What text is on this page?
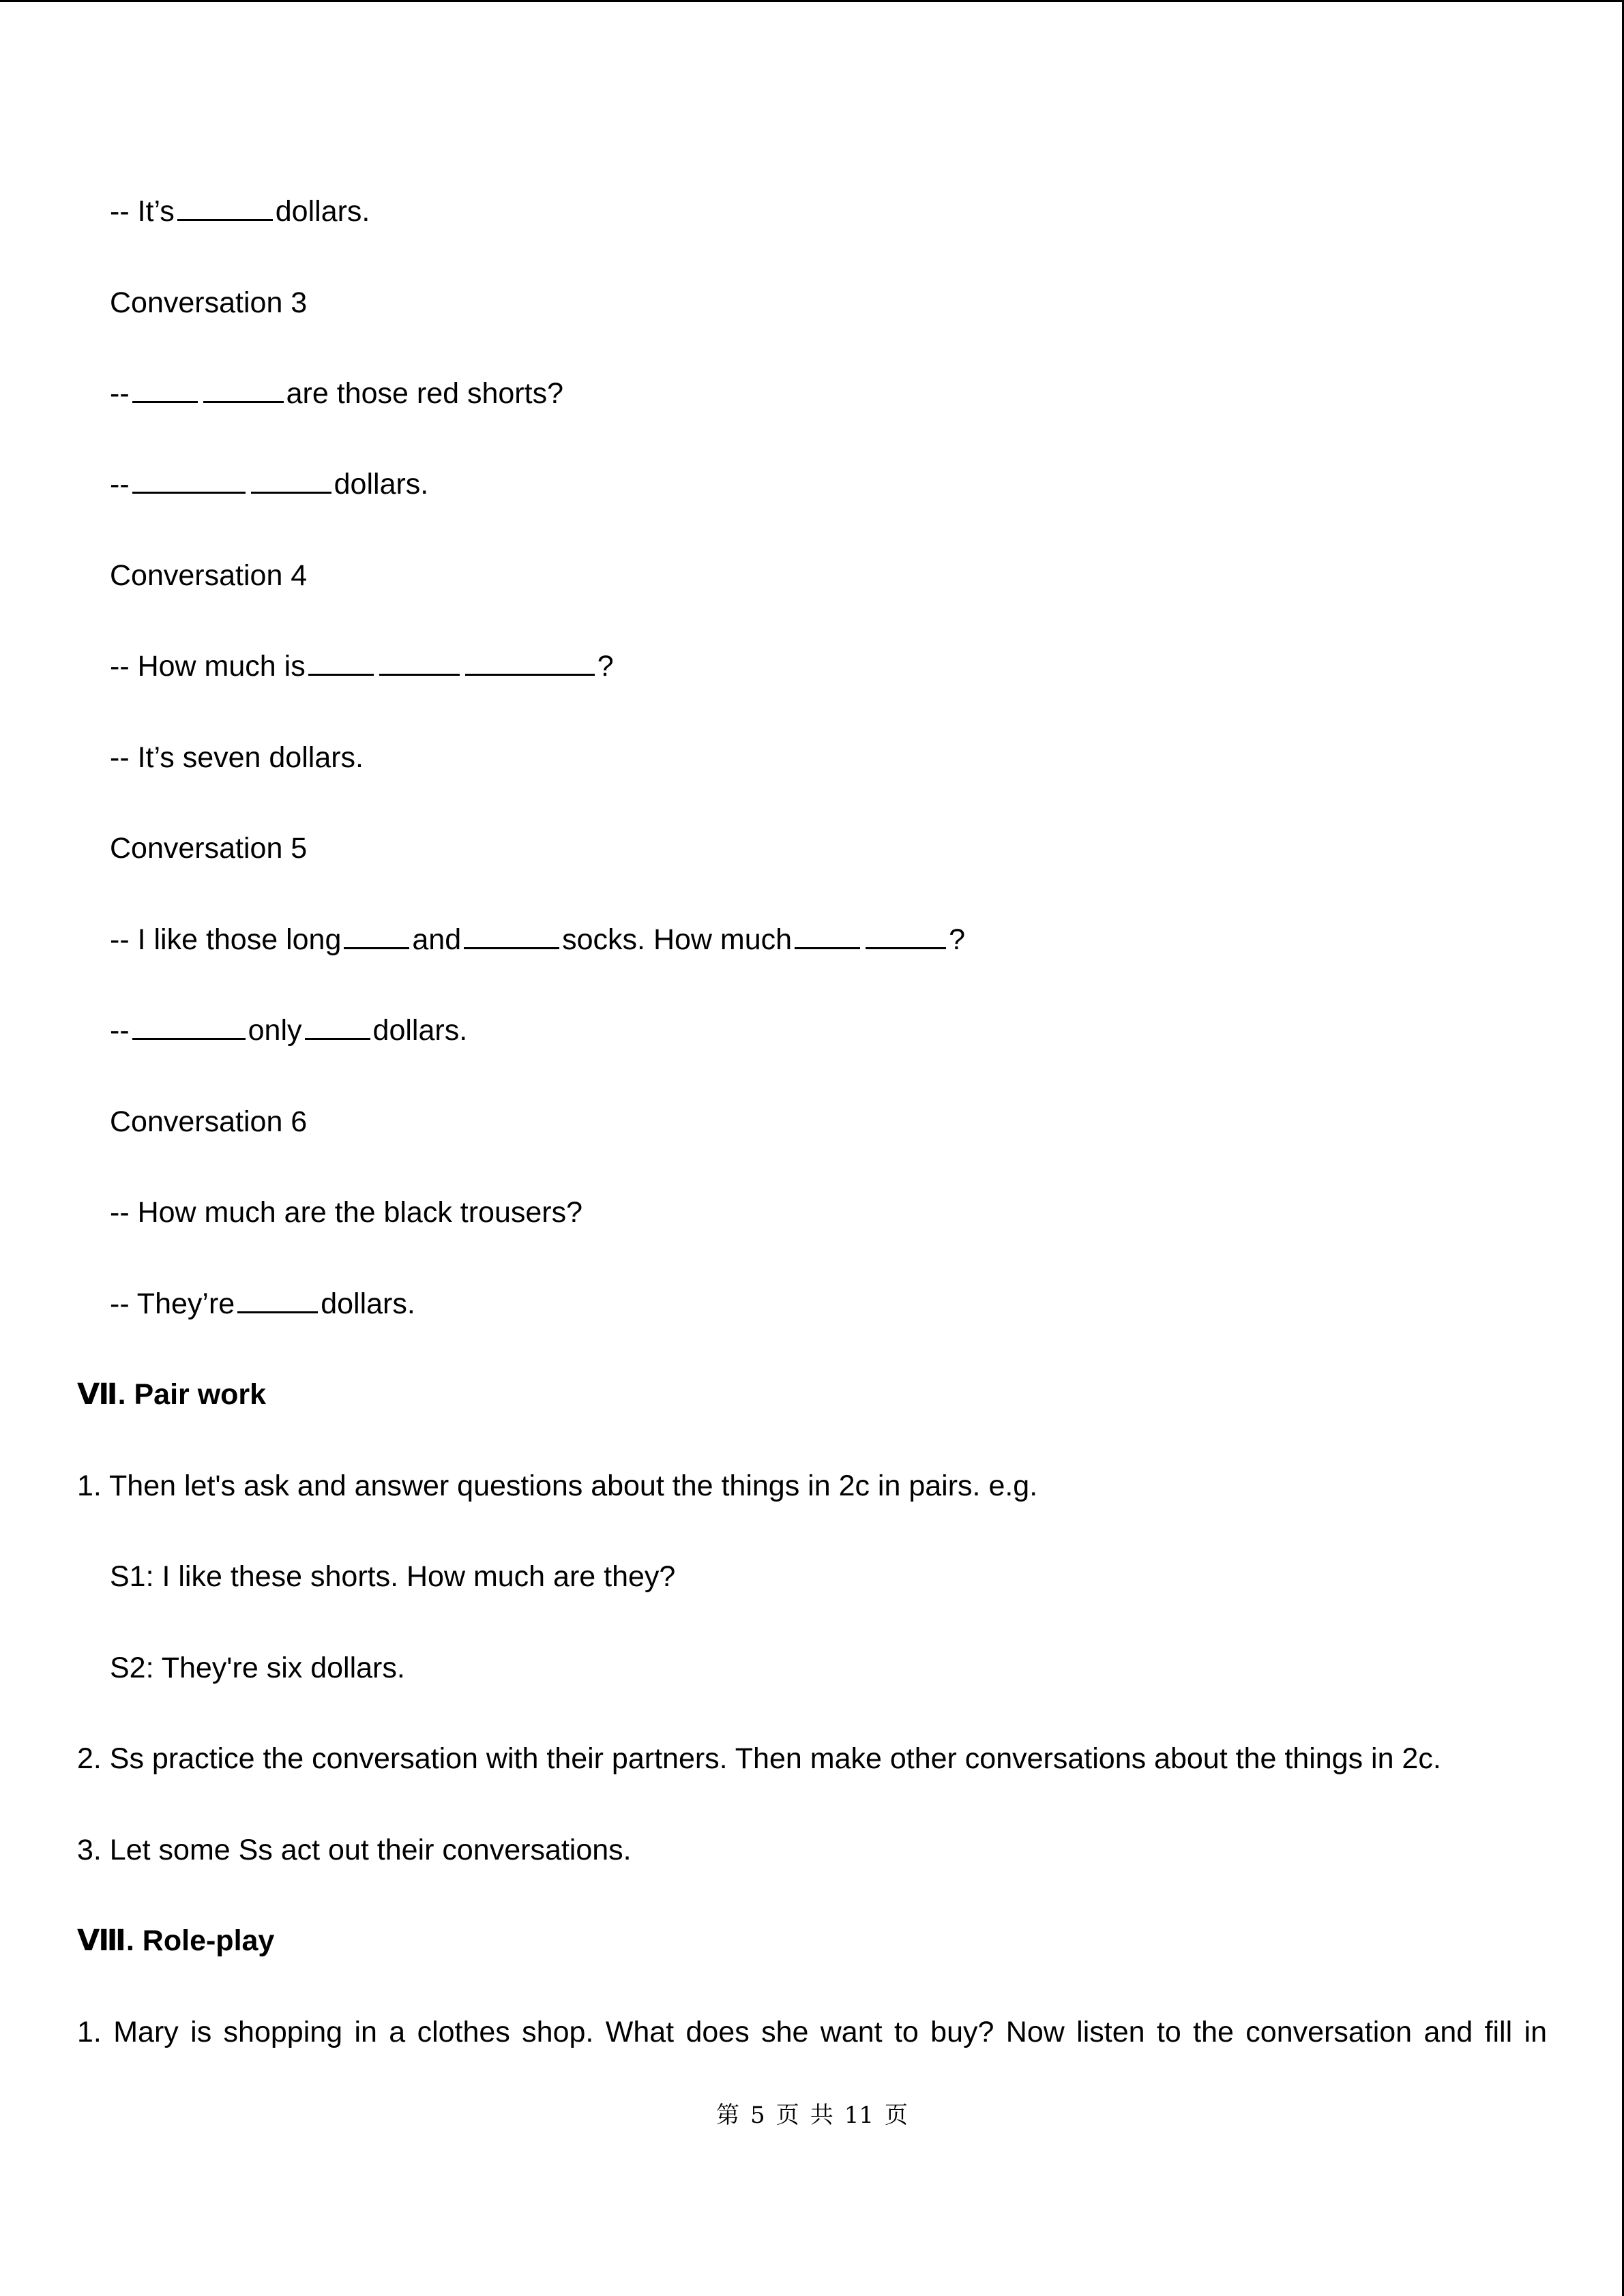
-- It’s	dollars.
Conversation 3
--	are those red shorts?
--	dollars.
Conversation 4
-- How much is	?
-- It’s seven dollars.
Conversation 5
-- I like those long and	socks. How much	?
--	only dollars.
Conversation 6
-- How much are the black trousers?
-- They’re	dollars.
Ⅶ. Pair work
1. Then let's ask and answer questions about the things in 2c in pairs. e.g.
S1: I like these shorts. How much are they?
S2: They're six dollars.
2. Ss practice the conversation with their partners. Then make other conversations about the things in 2c.
3. Let some Ss act out their conversations.
Ⅷ. Role-play
1. Mary is shopping in a clothes shop. What does she want to buy? Now listen to the conversation and fill in
第 5 页 共 11 页
